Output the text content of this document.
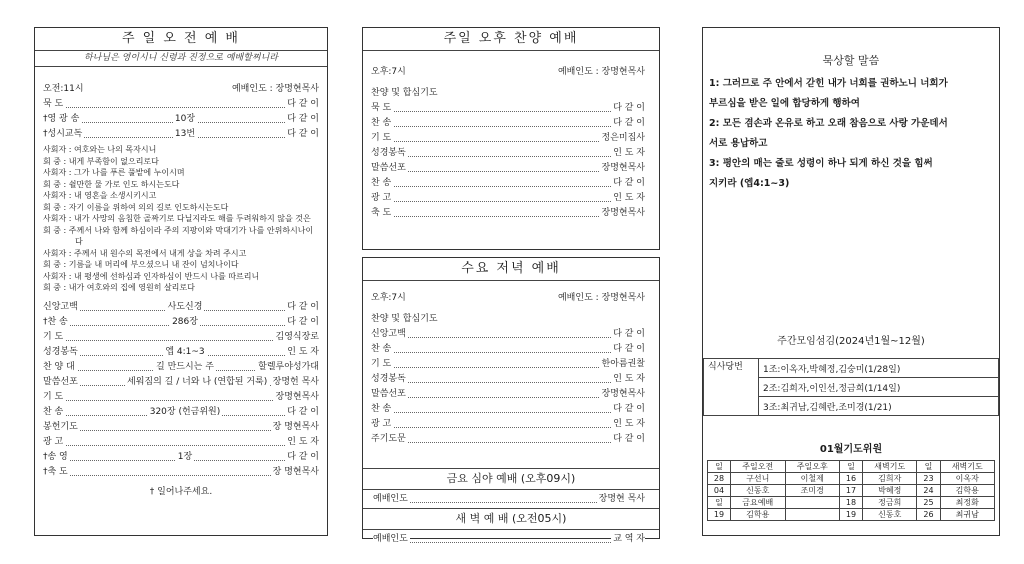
주 일 오 전 예 배
하나님은 영이시니 신령과 진정으로 예배할찌니라
오전:11시	예배인도 : 장명현목사
묵 도	다 같 이
†영 광 송	10장	다 같 이
†성시교독	13번	다 같 이
사회자 : 여호와는 나의 목자시니
회 중 : 내게 부족함이 없으리로다
사회자 : 그가 나를 푸른 풀밭에 누이시며
회 중 : 쉴만한 물 가로 인도 하시는도다
사회자 : 내 영혼을 소생시키시고
회 중 : 자기 이름을 위하여 의의 길로 인도하시는도다
사회자 : 내가 사망의 음침한 골짜기로 다닐지라도 해를 두려워하지 않을 것은
회 중 : 주께서 나와 함께 하심이라 주의 지팡이와 막대기가 나를 안위하시나이다
사회자 : 주께서 내 원수의 목전에서 내게 상을 차려 주시고
회 중 : 기름을 내 머리에 부으셨으니 내 잔이 넘치나이다
사회자 : 내 평생에 선하심과 인자하심이 반드시 나를 따르리니
회 중 : 내가 여호와의 집에 영원히 살리로다
신앙고백	사도신경	다 같 이
†찬 송	286장	다 같 이
기 도	김영식장로
성경봉독	엡 4:1~3	인 도 자
찬 양 대	길 만드시는 주	할렐루야성가대
말씀선포	세워짐의 길 / 너와 나 (연합된 거룩) 장명헌 목사
기 도	장명현목사
찬 송	320장 (헌금위원)	다 같 이
봉헌기도	장 명현목사
광 고	인 도 자
†송 영	1장	다 같 이
†축 도	장 명현목사
† 일어나주세요.
주일 오후 찬양 예배
오후:7시	예배인도 : 장명현목사
찬양 및 합심기도
묵 도	다 같 이
찬 송	다 같 이
기 도	정은미집사
성경봉독	인 도 자
말씀선포	장명현목사
찬 송	다 같 이
광 고	인 도 자
축 도	장명현목사
수요 저녁 예배
오후:7시	예배인도 : 장명현목사
찬양 및 합심기도
신앙고백	다 같 이
찬 송	다 같 이
기 도	한아름권찰
성경봉독	인 도 자
말씀선포	장명현목사
찬 송	다 같 이
광 고	인 도 자
주기도문	다 같 이
금요 심야 예배 (오후09시)
예배인도	장명현 목사
새 벽 예 배 (오전05시)
예배인도	교 역 자
묵상할 말씀
1: 그러므로 주 안에서 갇힌 내가 너희를 권하노니 너희가
부르심을 받은 일에 합당하게 행하여
2: 모든 겸손과 온유로 하고 오래 참음으로 사랑 가운데서
서로 용납하고
3: 평안의 매는 줄로 성령이 하나 되게 하신 것을 힘써
지키라 (엡4:1~3)
주간모임섬김(2024년1월~12월)
식사당번	1조:이옥자,박혜정,김숭미(1/28일)
2조:김희자,이인선,정금희(1/14일)
3조:최귀남,김혜란,조미경(1/21)
01월기도위원
일	주일오전	주일오후	일	새벽기도	일	새벽기도
28	구선니	이철제	16	김희자	23	이옥자
04	신동호	조미경	17	박혜정	24	김학용
일	금요예배		18	정금희	25	최정화
19	김학용		19	신동호	26	최귀남
